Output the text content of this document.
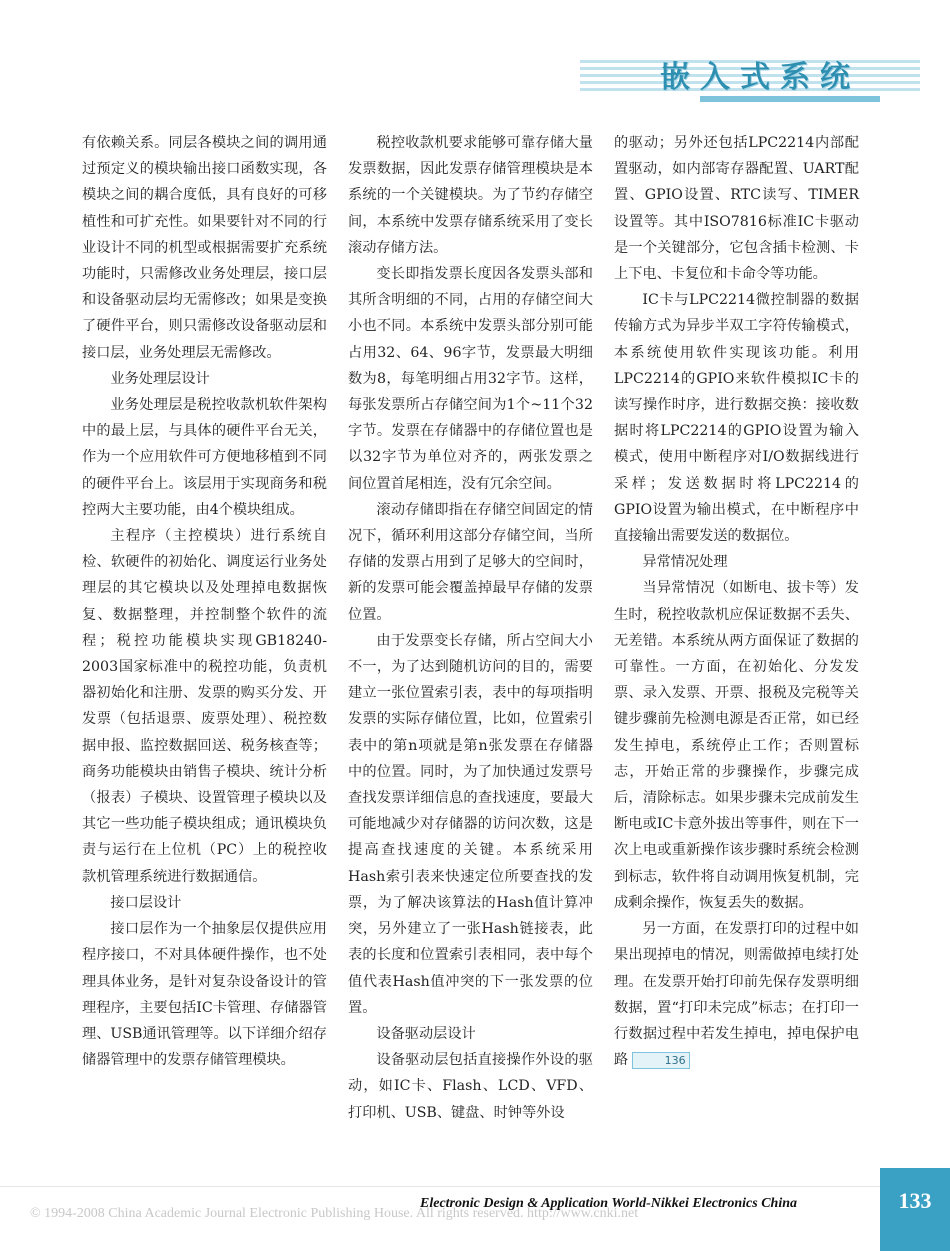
嵌入式系统

有依赖关系。同层各模块之间的调用通过预定义的模块输出接口函数实现，各模块之间的耦合度低，具有良好的可移植性和可扩充性。如果要针对不同的行业设计不同的机型或根据需要扩充系统功能时，只需修改业务处理层，接口层和设备驱动层均无需修改；如果是变换了硬件平台，则只需修改设备驱动层和接口层，业务处理层无需修改。

业务处理层设计

业务处理层是税控收款机软件架构中的最上层，与具体的硬件平台无关，作为一个应用软件可方便地移植到不同的硬件平台上。该层用于实现商务和税控两大主要功能，由4个模块组成。

主程序（主控模块）进行系统自检、软硬件的初始化、调度运行业务处理层的其它模块以及处理掉电数据恢复、数据整理，并控制整个软件的流程；税控功能模块实现GB18240-2003国家标准中的税控功能，负责机器初始化和注册、发票的购买分发、开发票（包括退票、废票处理）、税控数据申报、监控数据回送、税务核查等；商务功能模块由销售子模块、统计分析（报表）子模块、设置管理子模块以及其它一些功能子模块组成；通讯模块负责与运行在上位机（PC）上的税控收款机管理系统进行数据通信。

接口层设计

接口层作为一个抽象层仅提供应用程序接口，不对具体硬件操作，也不处理具体业务，是针对复杂设备设计的管理程序，主要包括IC卡管理、存储器管理、USB通讯管理等。以下详细介绍存储器管理中的发票存储管理模块。

税控收款机要求能够可靠存储大量发票数据，因此发票存储管理模块是本系统的一个关键模块。为了节约存储空间，本系统中发票存储系统采用了变长滚动存储方法。

变长即指发票长度因各发票头部和其所含明细的不同，占用的存储空间大小也不同。本系统中发票头部分别可能占用32、64、96字节，发票最大明细数为8，每笔明细占用32字节。这样，每张发票所占存储空间为1个~11个32字节。发票在存储器中的存储位置也是以32字节为单位对齐的，两张发票之间位置首尾相连，没有冗余空间。

滚动存储即指在存储空间固定的情况下，循环利用这部分存储空间，当所存储的发票占用到了足够大的空间时，新的发票可能会覆盖掉最早存储的发票位置。

由于发票变长存储，所占空间大小不一，为了达到随机访问的目的，需要建立一张位置索引表，表中的每项指明发票的实际存储位置，比如，位置索引表中的第n项就是第n张发票在存储器中的位置。同时，为了加快通过发票号查找发票详细信息的查找速度，要最大可能地减少对存储器的访问次数，这是提高查找速度的关键。本系统采用Hash索引表来快速定位所要查找的发票，为了解决该算法的Hash值计算冲突，另外建立了一张Hash链接表，此表的长度和位置索引表相同，表中每个值代表Hash值冲突的下一张发票的位置。

设备驱动层设计

设备驱动层包括直接操作外设的驱动，如IC卡、Flash、LCD、VFD、打印机、USB、键盘、时钟等外设

的驱动；另外还包括LPC2214内部配置驱动，如内部寄存器配置、UART配置、GPIO设置、RTC读写、TIMER设置等。其中ISO7816标准IC卡驱动是一个关键部分，它包含插卡检测、卡上下电、卡复位和卡命令等功能。

IC卡与LPC2214微控制器的数据传输方式为异步半双工字符传输模式，本系统使用软件实现该功能。利用LPC2214的GPIO来软件模拟IC卡的读写操作时序，进行数据交换：接收数据时将LPC2214的GPIO设置为输入模式，使用中断程序对I/O数据线进行采样；发送数据时将LPC2214的GPIO设置为输出模式，在中断程序中直接输出需要发送的数据位。

异常情况处理

当异常情况（如断电、拔卡等）发生时，税控收款机应保证数据不丢失、无差错。本系统从两方面保证了数据的可靠性。一方面，在初始化、分发发票、录入发票、开票、报税及完税等关键步骤前先检测电源是否正常，如已经发生掉电，系统停止工作；否则置标志，开始正常的步骤操作，步骤完成后，清除标志。如果步骤未完成前发生断电或IC卡意外拔出等事件，则在下一次上电或重新操作该步骤时系统会检测到标志，软件将自动调用恢复机制，完成剩余操作，恢复丢失的数据。

另一方面，在发票打印的过程中如果出现掉电的情况，则需做掉电续打处理。在发票开始打印前先保存发票明细数据，置“打印未完成”标志；在打印一行数据过程中若发生掉电，掉电保护电路	136

© 1994-2008 China Academic Journal Electronic Publishing House. All rights reserved. http://www.cnki.net
Electronic Design & Application World-Nikkei Electronics China	133
